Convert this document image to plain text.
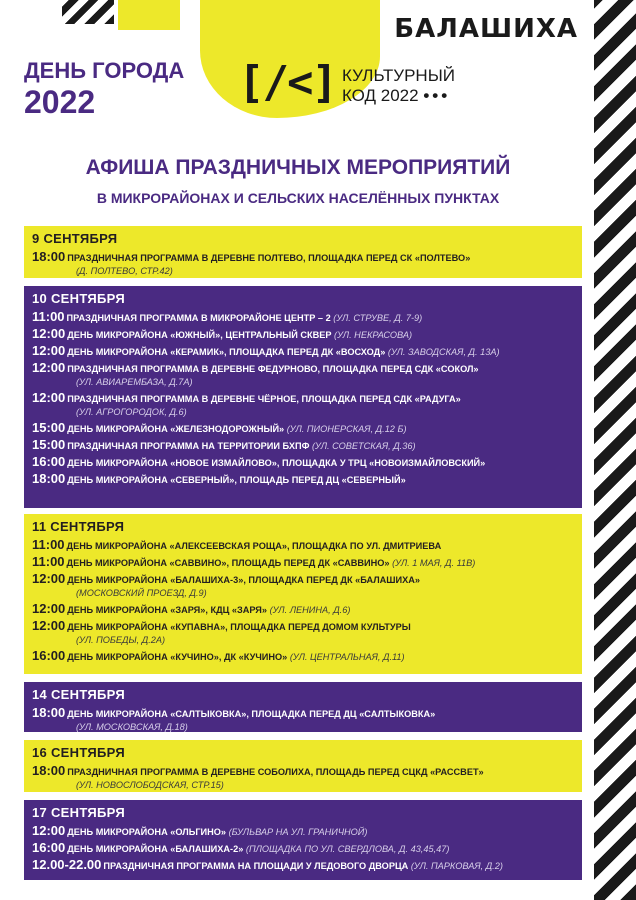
БАЛАШИХА
ДЕНЬ ГОРОДА
2022	[/<] КУЛЬТУРНЫЙ
КОД 2022 •••
АФИША ПРАЗДНИЧНЫХ МЕРОПРИЯТИЙ
В МИКРОРАЙОНАХ И СЕЛЬСКИХ НАСЕЛЁННЫХ ПУНКТАХ
9 СЕНТЯБРЯ
18:00 ПРАЗДНИЧНАЯ ПРОГРАММА В ДЕРЕВНЕ ПОЛТЕВО, ПЛОЩАДКА ПЕРЕД СК «ПОЛТЕВО»
(Д. ПОЛТЕВО, СТР.42)
10 СЕНТЯБРЯ
11:00 ПРАЗДНИЧНАЯ ПРОГРАММА В МИКРОРАЙОНЕ ЦЕНТР – 2 (УЛ. СТРУВЕ, Д. 7-9)
12:00 ДЕНЬ МИКРОРАЙОНА «ЮЖНЫЙ», ЦЕНТРАЛЬНЫЙ СКВЕР (УЛ. НЕКРАСОВА)
12:00 ДЕНЬ МИКРОРАЙОНА «КЕРАМИК», ПЛОЩАДКА ПЕРЕД ДК «ВОСХОД» (УЛ. ЗАВОДСКАЯ, Д. 13А)
12:00 ПРАЗДНИЧНАЯ ПРОГРАММА В ДЕРЕВНЕ ФЕДУРНОВО, ПЛОЩАДКА ПЕРЕД СДК «СОКОЛ»
(УЛ. АВИАРЕМБАЗА, Д.7А)
12:00 ПРАЗДНИЧНАЯ ПРОГРАММА В ДЕРЕВНЕ ЧЁРНОЕ, ПЛОЩАДКА ПЕРЕД СДК «РАДУГА»
(УЛ. АГРОГОРОДОК, Д.6)
15:00 ДЕНЬ МИКРОРАЙОНА «ЖЕЛЕЗНОДОРОЖНЫЙ» (УЛ. ПИОНЕРСКАЯ, Д.12 Б)
15:00 ПРАЗДНИЧНАЯ ПРОГРАММА НА ТЕРРИТОРИИ БХПФ (УЛ. СОВЕТСКАЯ, Д.36)
16:00 ДЕНЬ МИКРОРАЙОНА «НОВОЕ ИЗМАЙЛОВО», ПЛОЩАДКА У ТРЦ «НОВОИЗМАЙЛОВСКИЙ»
18:00 ДЕНЬ МИКРОРАЙОНА «СЕВЕРНЫЙ», ПЛОЩАДЬ ПЕРЕД ДЦ «СЕВЕРНЫЙ»
11 СЕНТЯБРЯ
11:00 ДЕНЬ МИКРОРАЙОНА «АЛЕКСЕЕВСКАЯ РОЩА», ПЛОЩАДКА ПО УЛ. ДМИТРИЕВА
11:00 ДЕНЬ МИКРОРАЙОНА «САВВИНО», ПЛОЩАДЬ ПЕРЕД ДК «САВВИНО» (УЛ. 1 МАЯ, Д. 11В)
12:00 ДЕНЬ МИКРОРАЙОНА «БАЛАШИХА-3», ПЛОЩАДКА ПЕРЕД ДК «БАЛАШИХА»
(МОСКОВСКИЙ ПРОЕЗД, Д.9)
12:00 ДЕНЬ МИКРОРАЙОНА «ЗАРЯ», КДЦ «ЗАРЯ» (УЛ. ЛЕНИНА, Д.6)
12:00 ДЕНЬ МИКРОРАЙОНА «КУПАВНА», ПЛОЩАДКА ПЕРЕД ДОМОМ КУЛЬТУРЫ
(УЛ. ПОБЕДЫ, Д.2А)
16:00 ДЕНЬ МИКРОРАЙОНА «КУЧИНО», ДК «КУЧИНО» (УЛ. ЦЕНТРАЛЬНАЯ, Д.11)
14 СЕНТЯБРЯ
18:00 ДЕНЬ МИКРОРАЙОНА «САЛТЫКОВКА», ПЛОЩАДКА ПЕРЕД ДЦ «САЛТЫКОВКА»
(УЛ. МОСКОВСКАЯ, Д.18)
16 СЕНТЯБРЯ
18:00 ПРАЗДНИЧНАЯ ПРОГРАММА В ДЕРЕВНЕ СОБОЛИХА, ПЛОЩАДЬ ПЕРЕД СЦКД «РАССВЕТ»
(УЛ. НОВОСЛОБОДСКАЯ, СТР.15)
17 СЕНТЯБРЯ
12:00 ДЕНЬ МИКРОРАЙОНА «ОЛЬГИНО» (БУЛЬВАР НА УЛ. ГРАНИЧНОЙ)
16:00 ДЕНЬ МИКРОРАЙОНА «БАЛАШИХА-2» (ПЛОЩАДКА ПО УЛ. СВЕРДЛОВА, Д. 43,45,47)
12.00-22.00 ПРАЗДНИЧНАЯ ПРОГРАММА НА ПЛОЩАДИ У ЛЕДОВОГО ДВОРЦА (УЛ. ПАРКОВАЯ, Д.2)
